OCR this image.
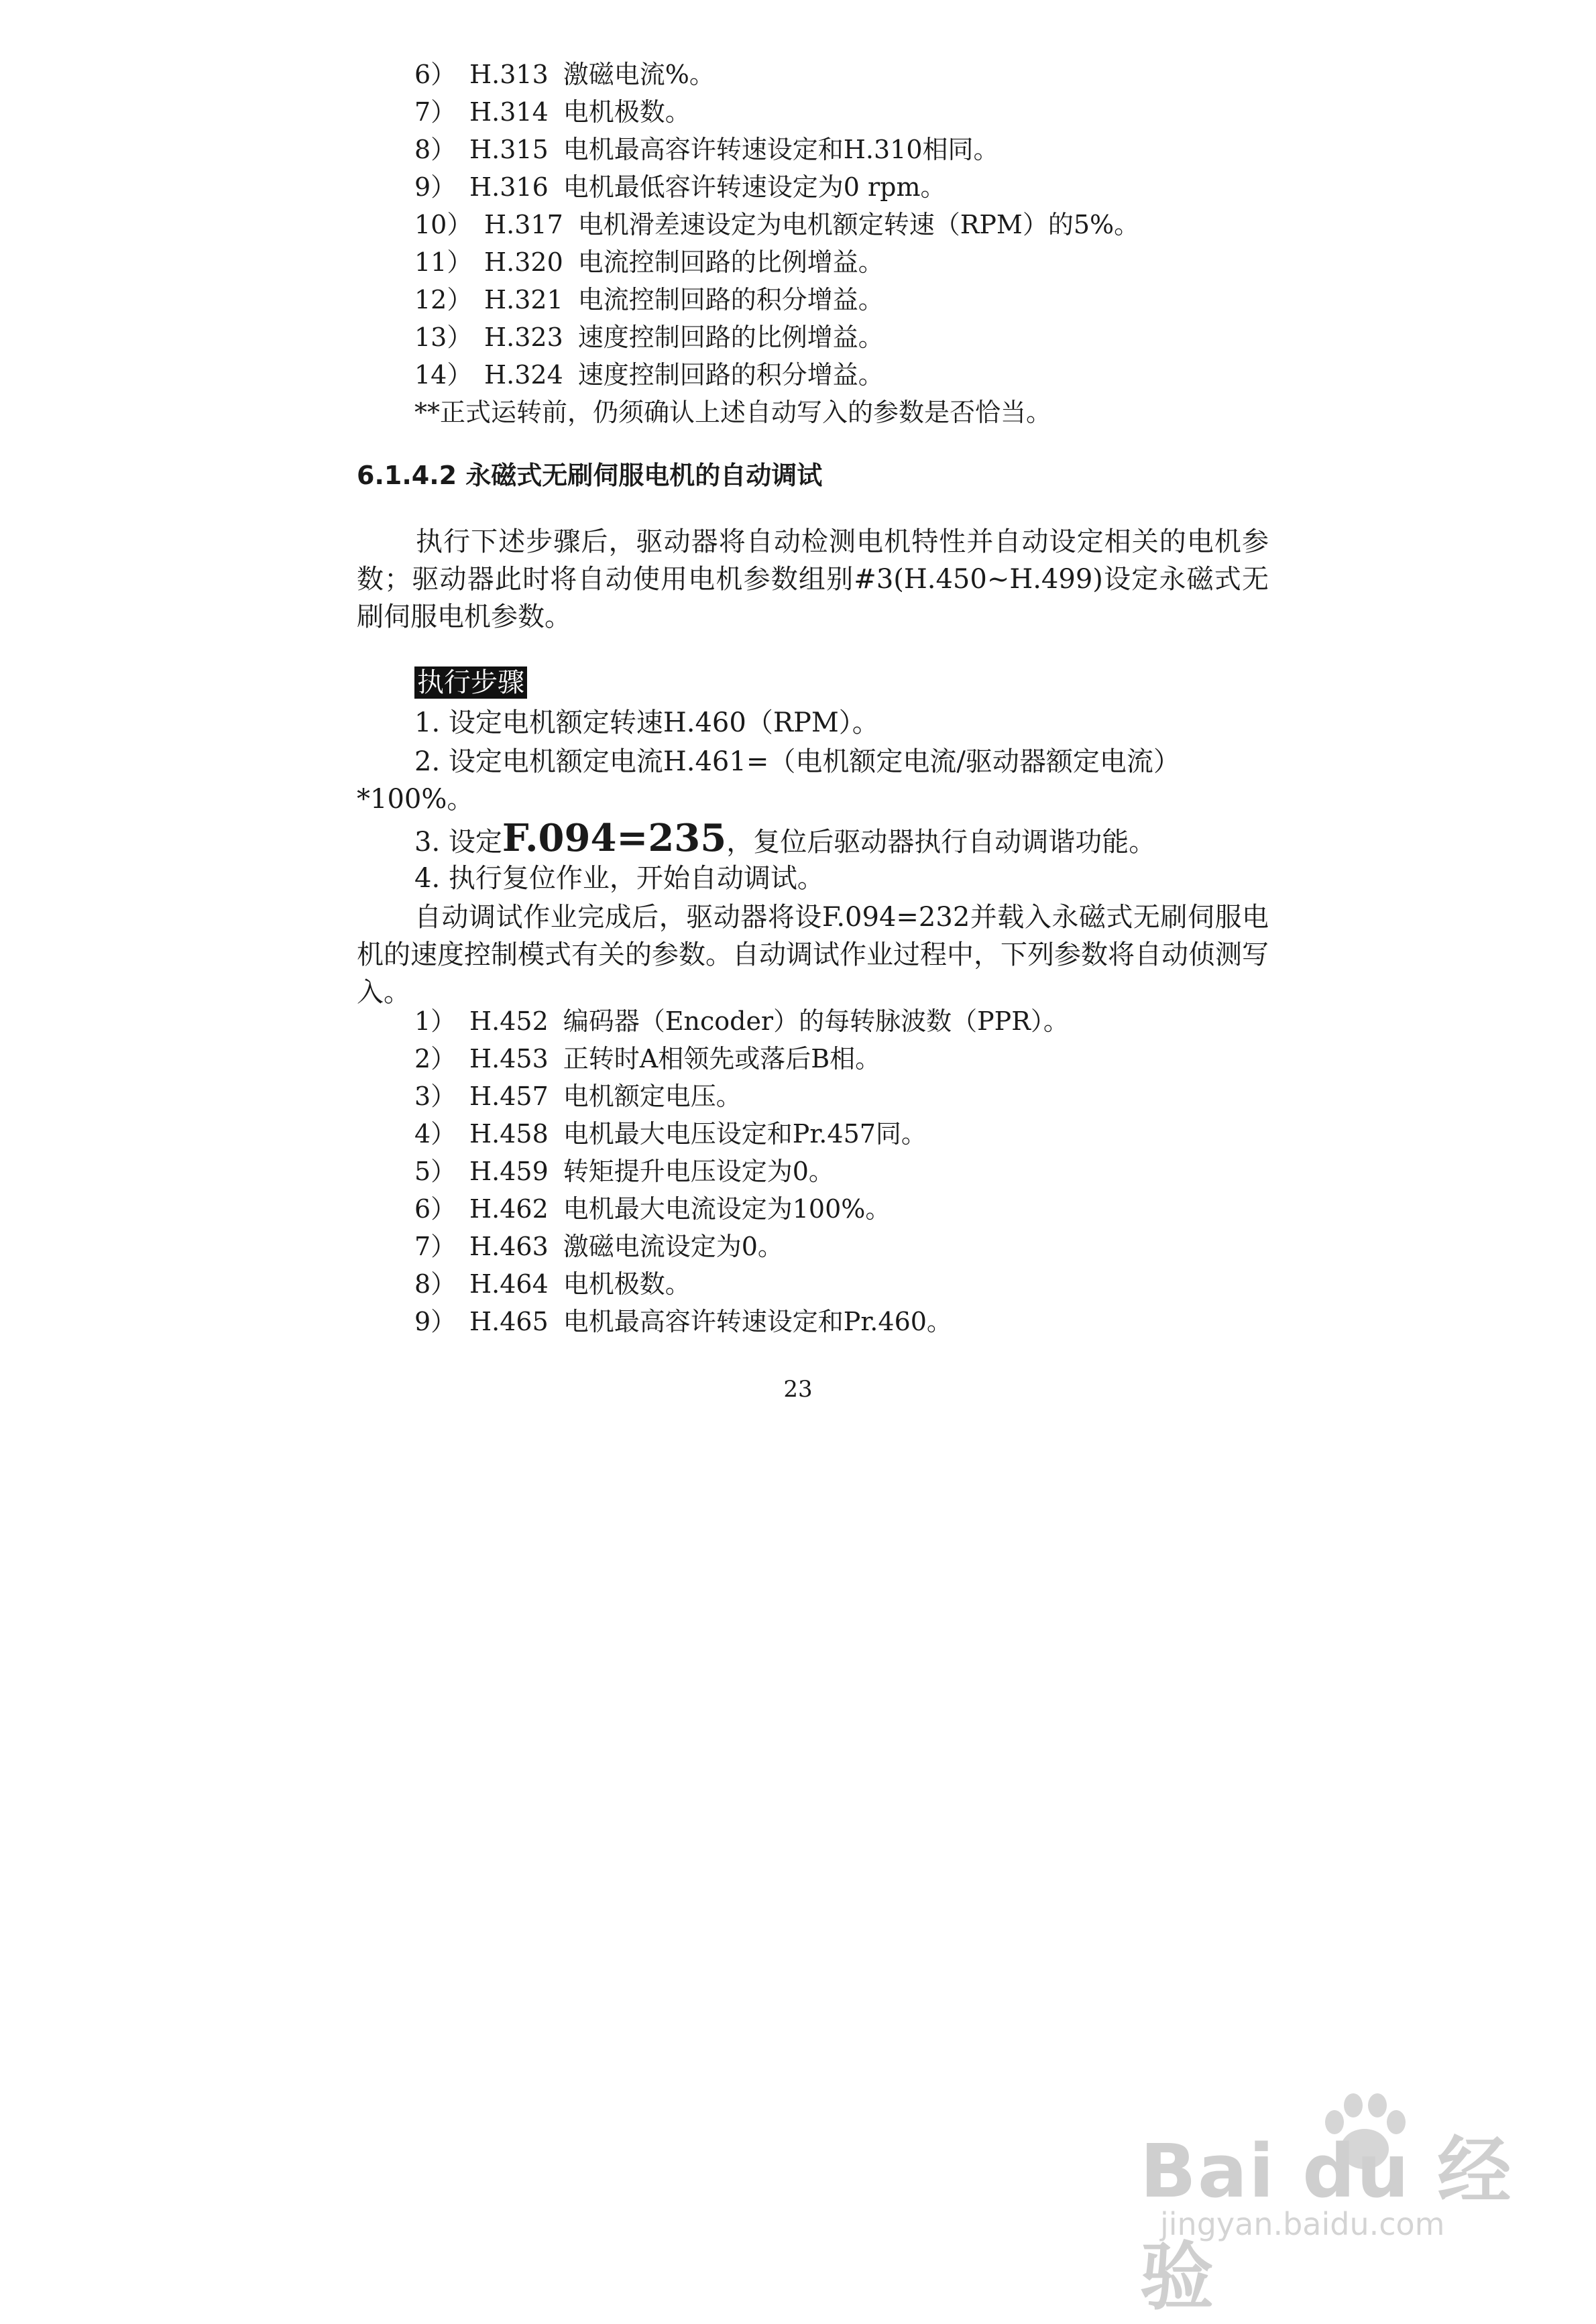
6） H.313 激磁电流%。
7） H.314 电机极数。
8） H.315 电机最高容许转速设定和H.310相同。
9） H.316 电机最低容许转速设定为0 rpm。
10） H.317 电机滑差速设定为电机额定转速（RPM）的5%。
11） H.320 电流控制回路的比例增益。
12） H.321 电流控制回路的积分增益。
13） H.323 速度控制回路的比例增益。
14） H.324 速度控制回路的积分增益。
**正式运转前，仍须确认上述自动写入的参数是否恰当。
6.1.4.2 永磁式无刷伺服电机的自动调试
执行下述步骤后，驱动器将自动检测电机特性并自动设定相关的电机参数；驱动器此时将自动使用电机参数组别#3(H.450~H.499)设定永磁式无刷伺服电机参数。
执行步骤
1. 设定电机额定转速H.460（RPM）。
2. 设定电机额定电流H.461=（电机额定电流/驱动器额定电流）*100%。
3. 设定F.094=235，复位后驱动器执行自动调谐功能。
4. 执行复位作业，开始自动调试。
自动调试作业完成后，驱动器将设F.094=232并载入永磁式无刷伺服电机的速度控制模式有关的参数。自动调试作业过程中，下列参数将自动侦测写入。
1） H.452 编码器（Encoder）的每转脉波数（PPR）。
2） H.453 正转时A相领先或落后B相。
3） H.457 电机额定电压。
4） H.458 电机最大电压设定和Pr.457同。
5） H.459 转矩提升电压设定为0。
6） H.462 电机最大电流设定为100%。
7） H.463 激磁电流设定为0。
8） H.464 电机极数。
9） H.465 电机最高容许转速设定和Pr.460。
23
Bai du 经验
jingyan.baidu.com
